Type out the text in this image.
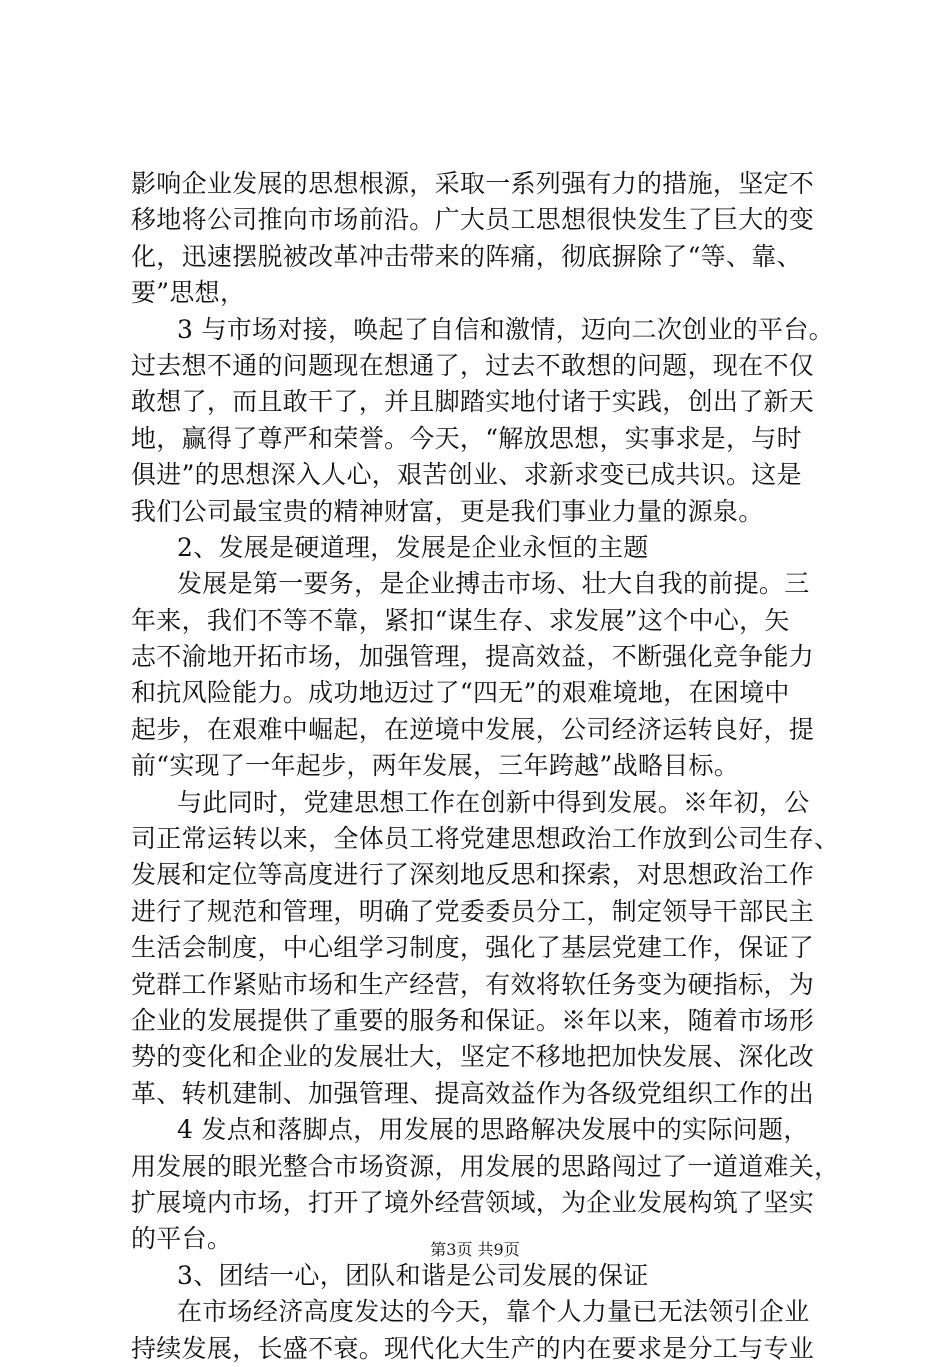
影响企业发展的思想根源，采取一系列强有力的措施，坚定不
移地将公司推向市场前沿。广大员工思想很快发生了巨大的变
化，迅速摆脱被改革冲击带来的阵痛，彻底摒除了“等、靠、
要”思想，
3 与市场对接，唤起了自信和激情，迈向二次创业的平台。
过去想不通的问题现在想通了，过去不敢想的问题，现在不仅
敢想了，而且敢干了，并且脚踏实地付诸于实践，创出了新天
地，赢得了尊严和荣誉。今天，“解放思想，实事求是，与时
俱进”的思想深入人心，艰苦创业、求新求变已成共识。这是
我们公司最宝贵的精神财富，更是我们事业力量的源泉。
2、发展是硬道理，发展是企业永恒的主题
发展是第一要务，是企业搏击市场、壮大自我的前提。三
年来，我们不等不靠，紧扣“谋生存、求发展”这个中心，矢
志不渝地开拓市场，加强管理，提高效益，不断强化竞争能力
和抗风险能力。成功地迈过了“四无”的艰难境地，在困境中
起步，在艰难中崛起，在逆境中发展，公司经济运转良好，提
前“实现了一年起步，两年发展，三年跨越”战略目标。
与此同时，党建思想工作在创新中得到发展。※年初，公
司正常运转以来，全体员工将党建思想政治工作放到公司生存、
发展和定位等高度进行了深刻地反思和探索，对思想政治工作
进行了规范和管理，明确了党委委员分工，制定领导干部民主
生活会制度，中心组学习制度，强化了基层党建工作，保证了
党群工作紧贴市场和生产经营，有效将软任务变为硬指标，为
企业的发展提供了重要的服务和保证。※年以来，随着市场形
势的变化和企业的发展壮大，坚定不移地把加快发展、深化改
革、转机建制、加强管理、提高效益作为各级党组织工作的出
4 发点和落脚点，用发展的思路解决发展中的实际问题，
用发展的眼光整合市场资源，用发展的思路闯过了一道道难关，
扩展境内市场，打开了境外经营领域，为企业发展构筑了坚实
的平台。
3、团结一心，团队和谐是公司发展的保证
在市场经济高度发达的今天，靠个人力量已无法领引企业
持续发展，长盛不衰。现代化大生产的内在要求是分工与专业
第3页 共9页
